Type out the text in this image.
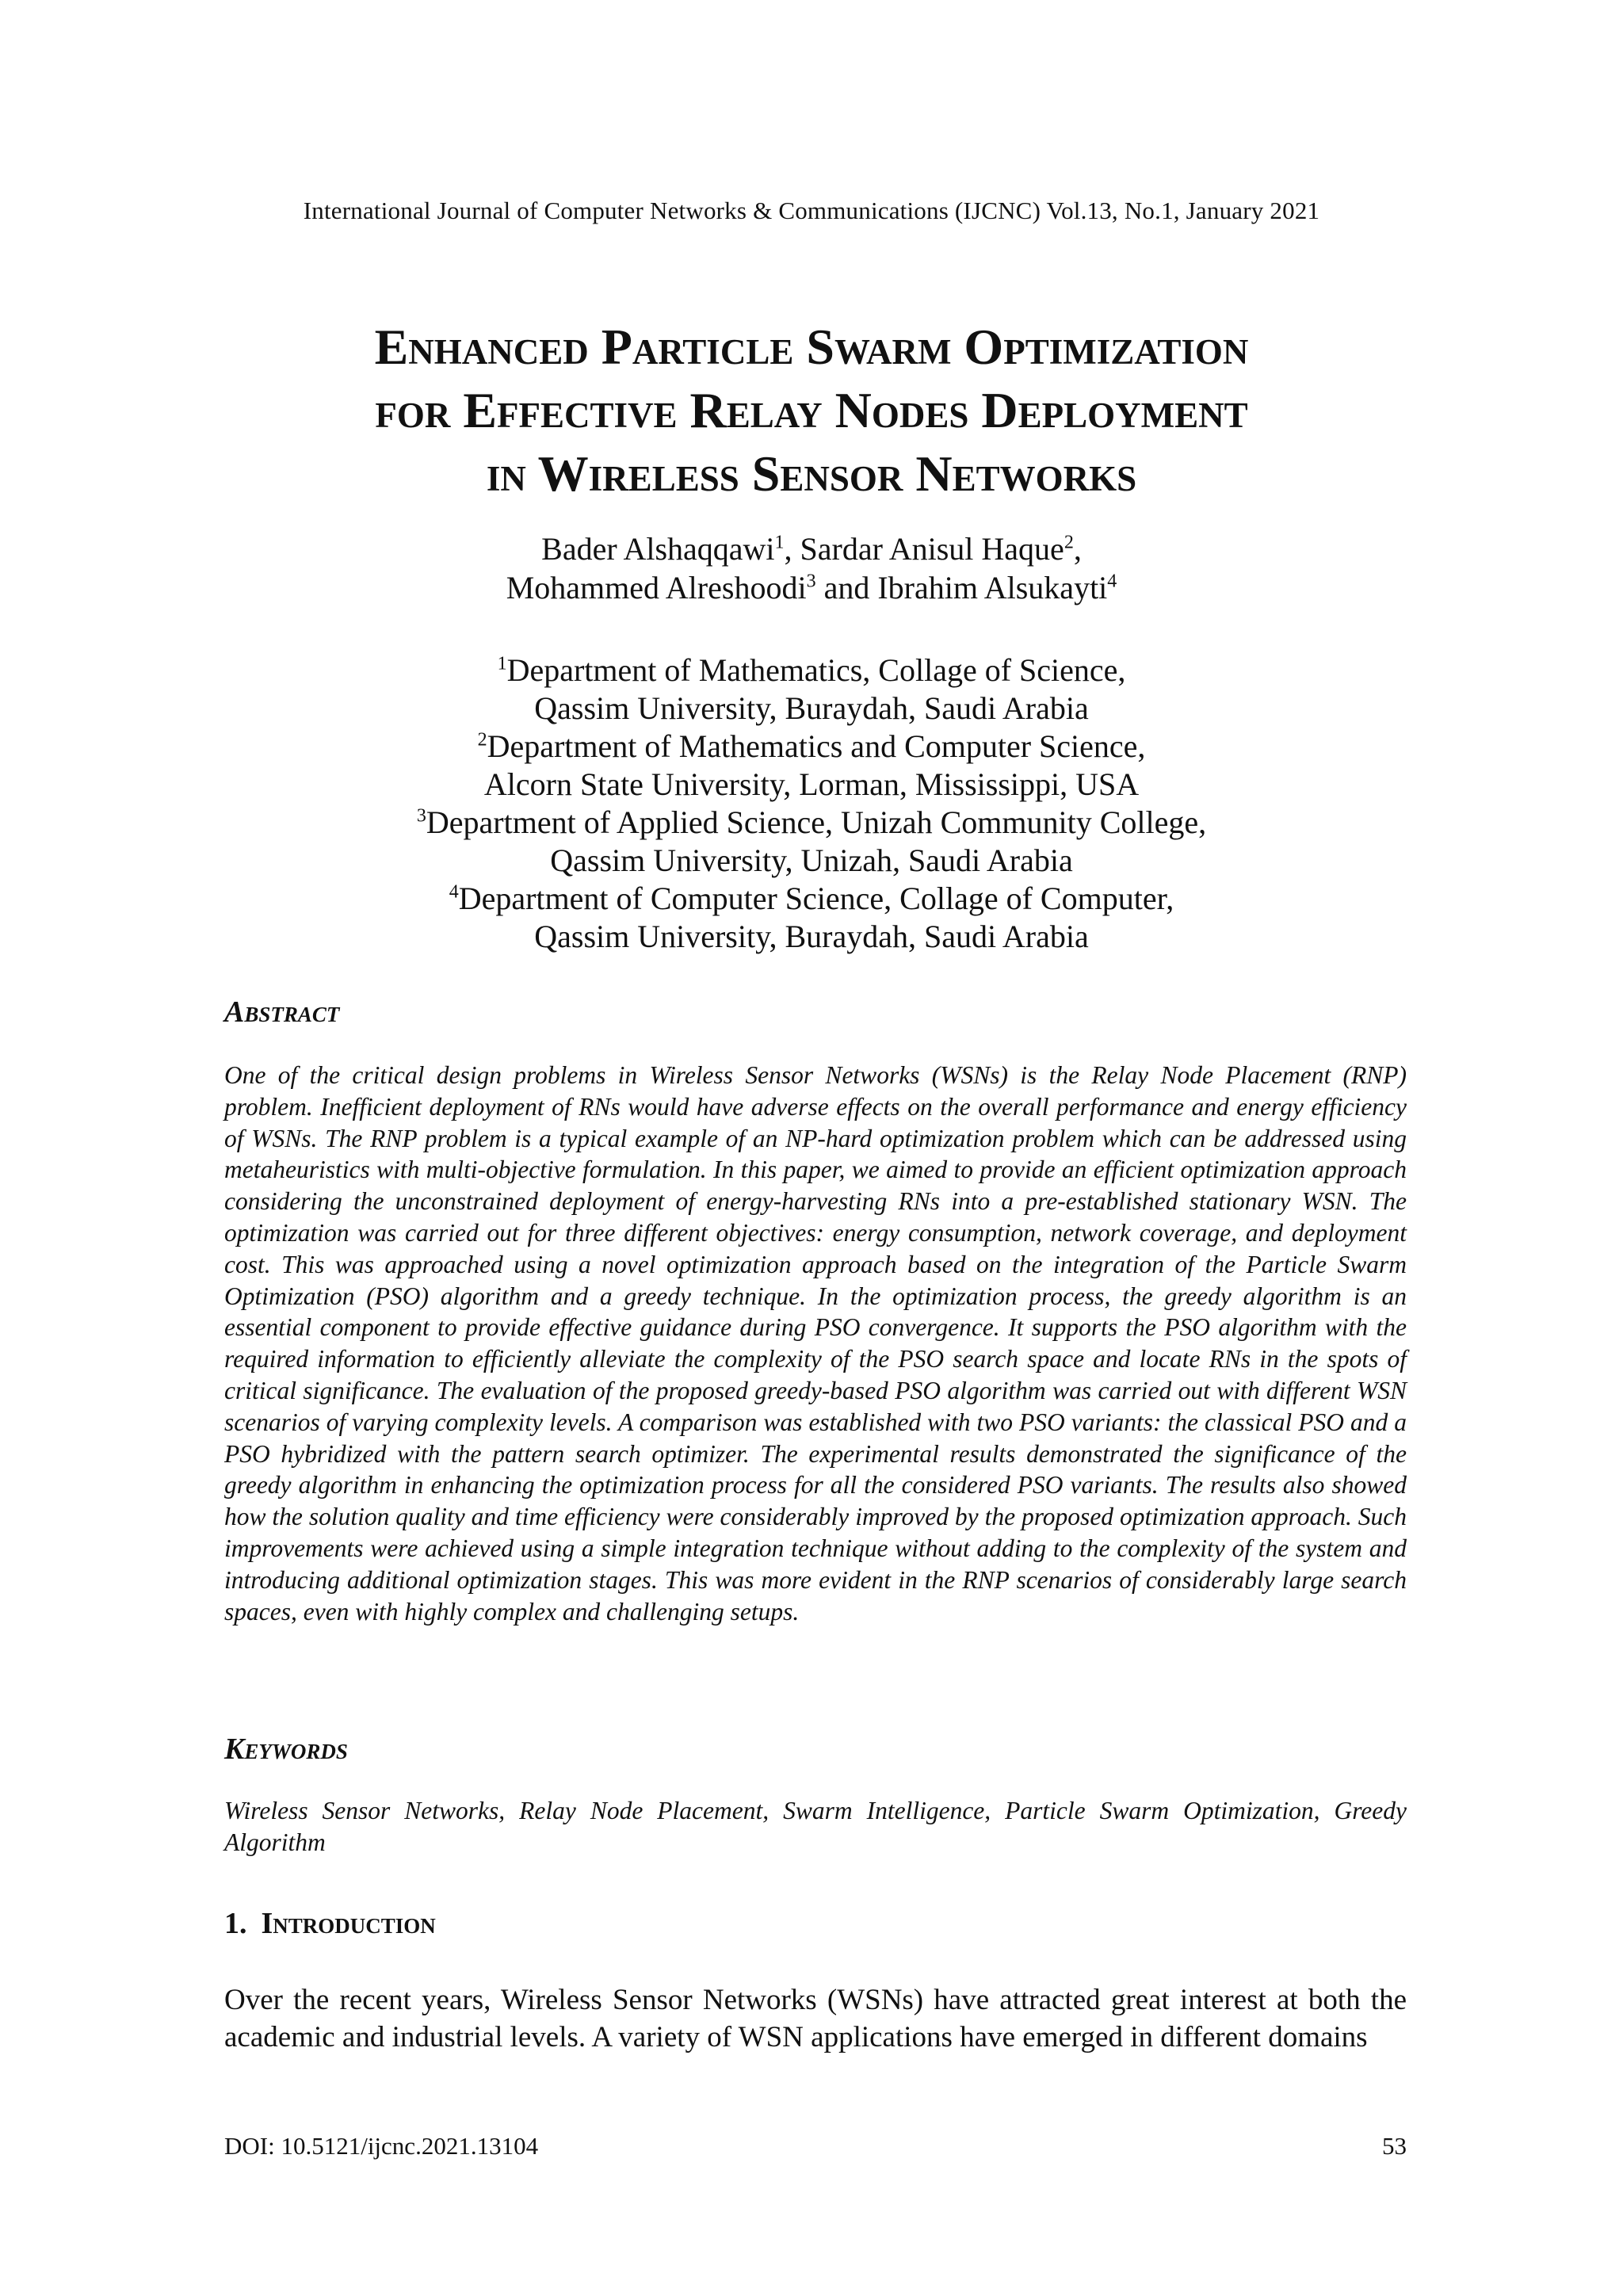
International Journal of Computer Networks & Communications (IJCNC) Vol.13, No.1, January 2021
Enhanced Particle Swarm Optimization
for Effective Relay Nodes Deployment
in Wireless Sensor Networks
Bader Alshaqqawi$^1$, Sardar Anisul Haque$^2$,
Mohammed Alreshoodi$^3$ and Ibrahim Alsukayti$^4$
$^1$Department of Mathematics, Collage of Science,
Qassim University, Buraydah, Saudi Arabia
$^2$Department of Mathematics and Computer Science,
Alcorn State University, Lorman, Mississippi, USA
$^3$Department of Applied Science, Unizah Community College,
Qassim University, Unizah, Saudi Arabia
$^4$Department of Computer Science, Collage of Computer,
Qassim University, Buraydah, Saudi Arabia
Abstract

One of the critical design problems in Wireless Sensor Networks (WSNs) is the Relay Node Placement (RNP) problem. Inefficient deployment of RNs would have adverse effects on the overall performance and energy efficiency of WSNs. The RNP problem is a typical example of an NP-hard optimization problem which can be addressed using metaheuristics with multi-objective formulation. In this paper, we aimed to provide an efficient optimization approach considering the unconstrained deployment of energy-harvesting RNs into a pre-established stationary WSN. The optimization was carried out for three different objectives: energy consumption, network coverage, and deployment cost. This was approached using a novel optimization approach based on the integration of the Particle Swarm Optimization (PSO) algorithm and a greedy technique. In the optimization process, the greedy algorithm is an essential component to provide effective guidance during PSO convergence. It supports the PSO algorithm with the required information to efficiently alleviate the complexity of the PSO search space and locate RNs in the spots of critical significance. The evaluation of the proposed greedy-based PSO algorithm was carried out with different WSN scenarios of varying complexity levels. A comparison was established with two PSO variants: the classical PSO and a PSO hybridized with the pattern search optimizer. The experimental results demonstrated the significance of the greedy algorithm in enhancing the optimization process for all the considered PSO variants. The results also showed how the solution quality and time efficiency were considerably improved by the proposed optimization approach. Such improvements were achieved using a simple integration technique without adding to the complexity of the system and introducing additional optimization stages. This was more evident in the RNP scenarios of considerably large search spaces, even with highly complex and challenging setups.

Keywords
Wireless Sensor Networks, Relay Node Placement, Swarm Intelligence, Particle Swarm Optimization, Greedy Algorithm
1. Introduction

Over the recent years, Wireless Sensor Networks (WSNs) have attracted great interest at both the academic and industrial levels. A variety of WSN applications have emerged in different domains

DOI: 10.5121/ijcnc.2021.13104	53
